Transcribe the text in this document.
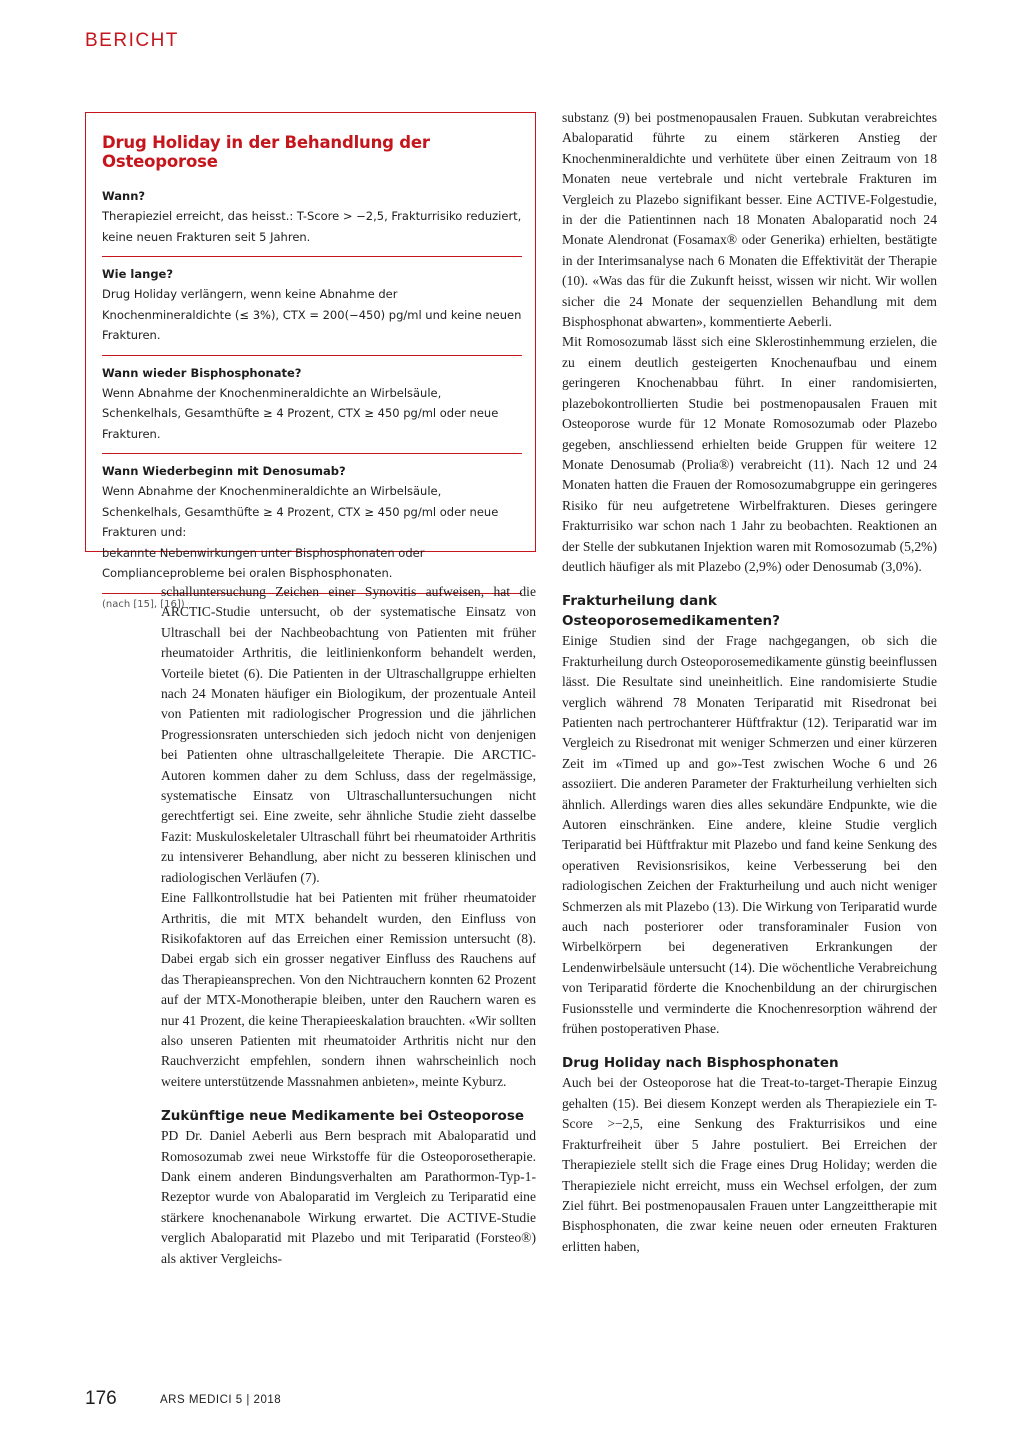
BERICHT
Drug Holiday in der Behandlung der Osteoporose
Wann?
Therapieziel erreicht, das heisst.: T-Score > −2,5, Frakturrisiko reduziert, keine neuen Frakturen seit 5 Jahren.
Wie lange?
Drug Holiday verlängern, wenn keine Abnahme der Knochenmineraldichte (≤ 3%), CTX = 200(−450) pg/ml und keine neuen Frakturen.
Wann wieder Bisphosphonate?
Wenn Abnahme der Knochenmineraldichte an Wirbelsäule, Schenkelhals, Gesamthüfte ≥ 4 Prozent, CTX ≥ 450 pg/ml oder neue Frakturen.
Wann Wiederbeginn mit Denosumab?
Wenn Abnahme der Knochenmineraldichte an Wirbelsäule, Schenkelhals, Gesamthüfte ≥ 4 Prozent, CTX ≥ 450 pg/ml oder neue Frakturen und:
bekannte Nebenwirkungen unter Bisphosphonaten oder Complianceprobleme bei oralen Bisphosphonaten.
(nach [15], [16])

schalluntersuchung Zeichen einer Synovitis aufweisen, hat die ARCTIC-Studie untersucht, ob der systematische Einsatz von Ultraschall bei der Nachbeobachtung von Patienten mit früher rheumatoider Arthritis, die leitlinienkonform behandelt werden, Vorteile bietet (6). Die Patienten in der Ultraschallgruppe erhielten nach 24 Monaten häufiger ein Biologikum, der prozentuale Anteil von Patienten mit radiologischer Progression und die jährlichen Progressionsraten unterschieden sich jedoch nicht von denjenigen bei Patienten ohne ultraschallgeleitete Therapie. Die ARCTIC-Autoren kommen daher zu dem Schluss, dass der regelmässige, systematische Einsatz von Ultraschalluntersuchungen nicht gerechtfertigt sei. Eine zweite, sehr ähnliche Studie zieht dasselbe Fazit: Muskuloskeletaler Ultraschall führt bei rheumatoider Arthritis zu intensiverer Behandlung, aber nicht zu besseren klinischen und radiologischen Verläufen (7).

Eine Fallkontrollstudie hat bei Patienten mit früher rheumatoider Arthritis, die mit MTX behandelt wurden, den Einfluss von Risikofaktoren auf das Erreichen einer Remission untersucht (8). Dabei ergab sich ein grosser negativer Einfluss des Rauchens auf das Therapieansprechen. Von den Nichtrauchern konnten 62 Prozent auf der MTX-Monotherapie bleiben, unter den Rauchern waren es nur 41 Prozent, die keine Therapieeskalation brauchten. «Wir sollten also unseren Patienten mit rheumatoider Arthritis nicht nur den Rauchverzicht empfehlen, sondern ihnen wahrscheinlich noch weitere unterstützende Massnahmen anbieten», meinte Kyburz.

Zukünftige neue Medikamente bei Osteoporose

PD Dr. Daniel Aeberli aus Bern besprach mit Abaloparatid und Romosozumab zwei neue Wirkstoffe für die Osteoporosetherapie. Dank einem anderen Bindungsverhalten am Parathormon-Typ-1-Rezeptor wurde von Abaloparatid im Vergleich zu Teriparatid eine stärkere knochenanabole Wirkung erwartet. Die ACTIVE-Studie verglich Abaloparatid mit Plazebo und mit Teriparatid (Forsteo®) als aktiver Vergleichs-

substanz (9) bei postmenopausalen Frauen. Subkutan verabreichtes Abaloparatid führte zu einem stärkeren Anstieg der Knochenmineraldichte und verhütete über einen Zeitraum von 18 Monaten neue vertebrale und nicht vertebrale Frakturen im Vergleich zu Plazebo signifikant besser. Eine ACTIVE-Folgestudie, in der die Patientinnen nach 18 Monaten Abaloparatid noch 24 Monate Alendronat (Fosamax® oder Generika) erhielten, bestätigte in der Interimsanalyse nach 6 Monaten die Effektivität der Therapie (10). «Was das für die Zukunft heisst, wissen wir nicht. Wir wollen sicher die 24 Monate der sequenziellen Behandlung mit dem Bisphosphonat abwarten», kommentierte Aeberli.

Mit Romosozumab lässt sich eine Sklerostinhemmung erzielen, die zu einem deutlich gesteigerten Knochenaufbau und einem geringeren Knochenabbau führt. In einer randomisierten, plazebokontrollierten Studie bei postmenopausalen Frauen mit Osteoporose wurde für 12 Monate Romosozumab oder Plazebo gegeben, anschliessend erhielten beide Gruppen für weitere 12 Monate Denosumab (Prolia®) verabreicht (11). Nach 12 und 24 Monaten hatten die Frauen der Romosozumabgruppe ein geringeres Risiko für neu aufgetretene Wirbelfrakturen. Dieses geringere Frakturrisiko war schon nach 1 Jahr zu beobachten. Reaktionen an der Stelle der subkutanen Injektion waren mit Romosozumab (5,2%) deutlich häufiger als mit Plazebo (2,9%) oder Denosumab (3,0%).

Frakturheilung dank Osteoporosemedikamenten?

Einige Studien sind der Frage nachgegangen, ob sich die Frakturheilung durch Osteoporosemedikamente günstig beeinflussen lässt. Die Resultate sind uneinheitlich. Eine randomisierte Studie verglich während 78 Monaten Teriparatid mit Risedronat bei Patienten nach pertrochanterer Hüftfraktur (12). Teriparatid war im Vergleich zu Risedronat mit weniger Schmerzen und einer kürzeren Zeit im «Timed up and go»-Test zwischen Woche 6 und 26 assoziiert. Die anderen Parameter der Frakturheilung verhielten sich ähnlich. Allerdings waren dies alles sekundäre Endpunkte, wie die Autoren einschränken. Eine andere, kleine Studie verglich Teriparatid bei Hüftfraktur mit Plazebo und fand keine Senkung des operativen Revisionsrisikos, keine Verbesserung bei den radiologischen Zeichen der Frakturheilung und auch nicht weniger Schmerzen als mit Plazebo (13). Die Wirkung von Teriparatid wurde auch nach posteriorer oder transforaminaler Fusion von Wirbelkörpern bei degenerativen Erkrankungen der Lendenwirbelsäule untersucht (14). Die wöchentliche Verabreichung von Teriparatid förderte die Knochenbildung an der chirurgischen Fusionsstelle und verminderte die Knochenresorption während der frühen postoperativen Phase.

Drug Holiday nach Bisphosphonaten

Auch bei der Osteoporose hat die Treat-to-target-Therapie Einzug gehalten (15). Bei diesem Konzept werden als Therapieziele ein T-Score >−2,5, eine Senkung des Frakturrisikos und eine Frakturfreiheit über 5 Jahre postuliert. Bei Erreichen der Therapieziele stellt sich die Frage eines Drug Holiday; werden die Therapieziele nicht erreicht, muss ein Wechsel erfolgen, der zum Ziel führt. Bei postmenopausalen Frauen unter Langzeittherapie mit Bisphosphonaten, die zwar keine neuen oder erneuten Frakturen erlitten haben,

176	ARS MEDICI 5 | 2018
